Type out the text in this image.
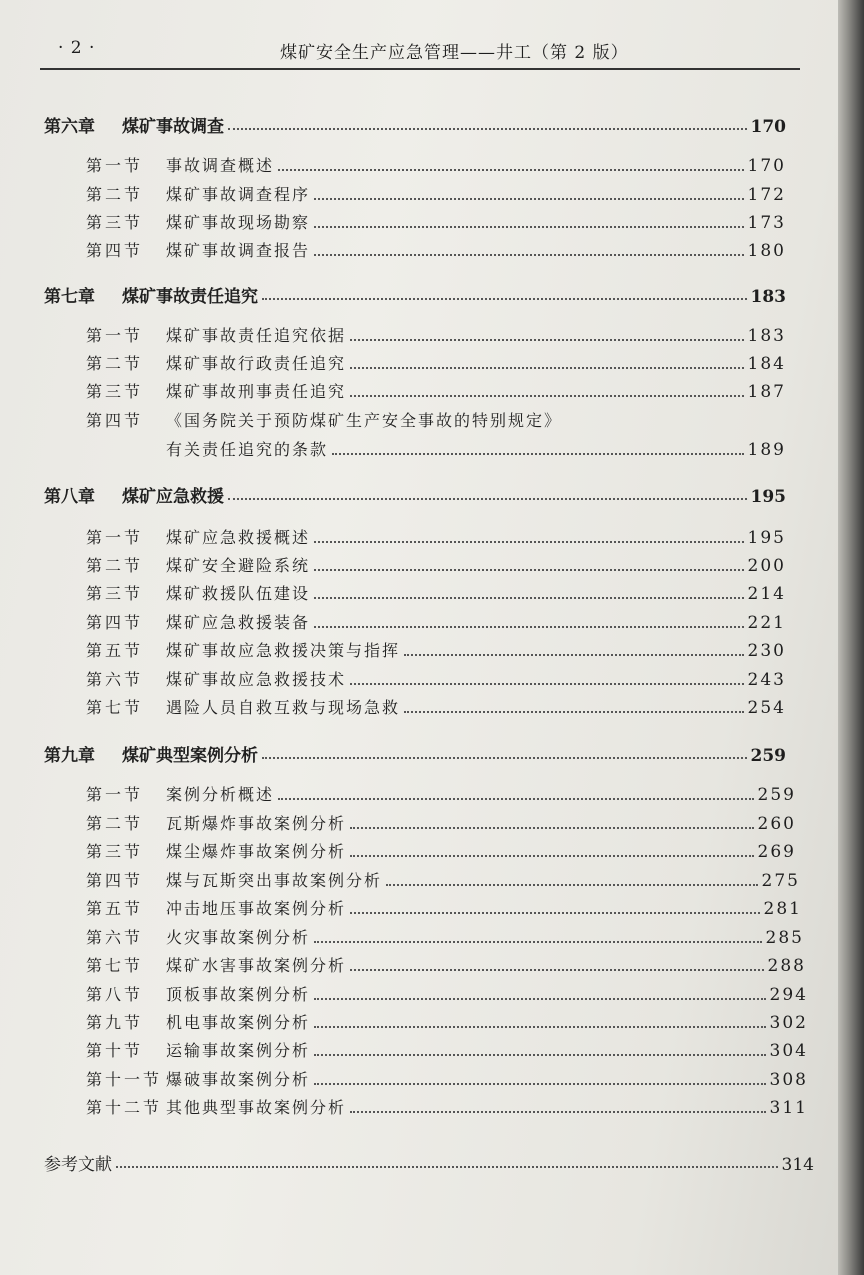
· 2 ·	煤矿安全生产应急管理——井工（第 2 版）
第六章	煤矿事故调查	170
第一节	事故调查概述	170
第二节	煤矿事故调查程序	172
第三节	煤矿事故现场勘察	173
第四节	煤矿事故调查报告	180
第七章	煤矿事故责任追究	183
第一节	煤矿事故责任追究依据	183
第二节	煤矿事故行政责任追究	184
第三节	煤矿事故刑事责任追究	187
第四节	《国务院关于预防煤矿生产安全事故的特别规定》
有关责任追究的条款	189
第八章	煤矿应急救援	195
第一节	煤矿应急救援概述	195
第二节	煤矿安全避险系统	200
第三节	煤矿救援队伍建设	214
第四节	煤矿应急救援装备	221
第五节	煤矿事故应急救援决策与指挥	230
第六节	煤矿事故应急救援技术	243
第七节	遇险人员自救互救与现场急救	254
第九章	煤矿典型案例分析	259
第一节	案例分析概述	259
第二节	瓦斯爆炸事故案例分析	260
第三节	煤尘爆炸事故案例分析	269
第四节	煤与瓦斯突出事故案例分析	275
第五节	冲击地压事故案例分析	281
第六节	火灾事故案例分析	285
第七节	煤矿水害事故案例分析	288
第八节	顶板事故案例分析	294
第九节	机电事故案例分析	302
第十节	运输事故案例分析	304
第十一节 爆破事故案例分析	308
第十二节 其他典型事故案例分析	311
参考文献	314
